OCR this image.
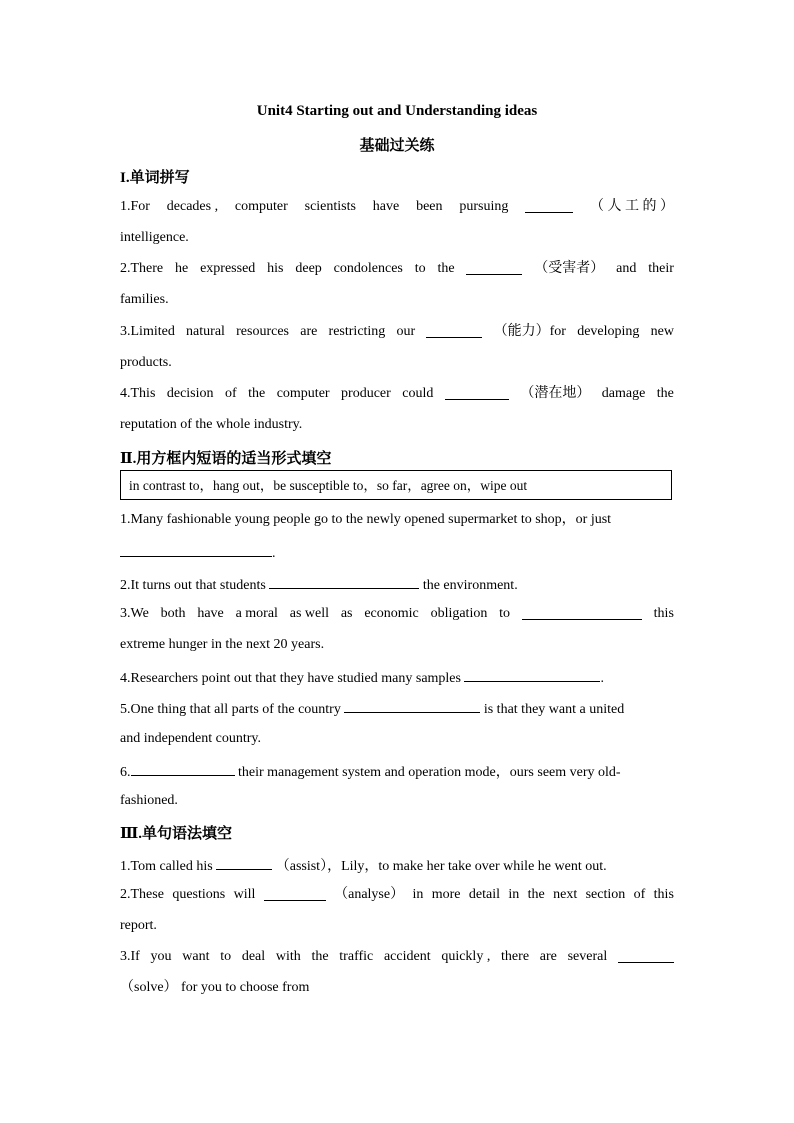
Unit4 Starting out and Understanding ideas
基础过关练
I.单词拼写
1.For decades , computer scientists have been pursuing	（ 人 工 的 ）
intelligence.
2.There he expressed his deep condolences to the	（受害者） and their
families.
3.Limited natural resources are restricting our	（能力）for developing new
products.
4.This decision of the computer producer could	（潜在地） damage the
reputation of the whole industry.
Ⅱ.用方框内短语的适当形式填空
in contrast to，hang out，be susceptible to，so far，agree on，wipe out
1.Many fashionable young people go to the newly opened supermarket to shop，or just
.
2.It turns out that students	the environment.
3.We both have a moral as well as economic obligation to	this
extreme hunger in the next 20 years.
4.Researchers point out that they have studied many samples	.
5.One thing that all parts of the country	is that they want a united
and independent country.
6.	their management system and operation mode，ours seem very old-
fashioned.
Ⅲ.单句语法填空
1.Tom called his	（assist），Lily，to make her take over while he went out.
2.These questions will	（analyse） in more detail in the next section of this
report.
3.If you want to deal with the traffic accident quickly , there are several
（solve） for you to choose from
